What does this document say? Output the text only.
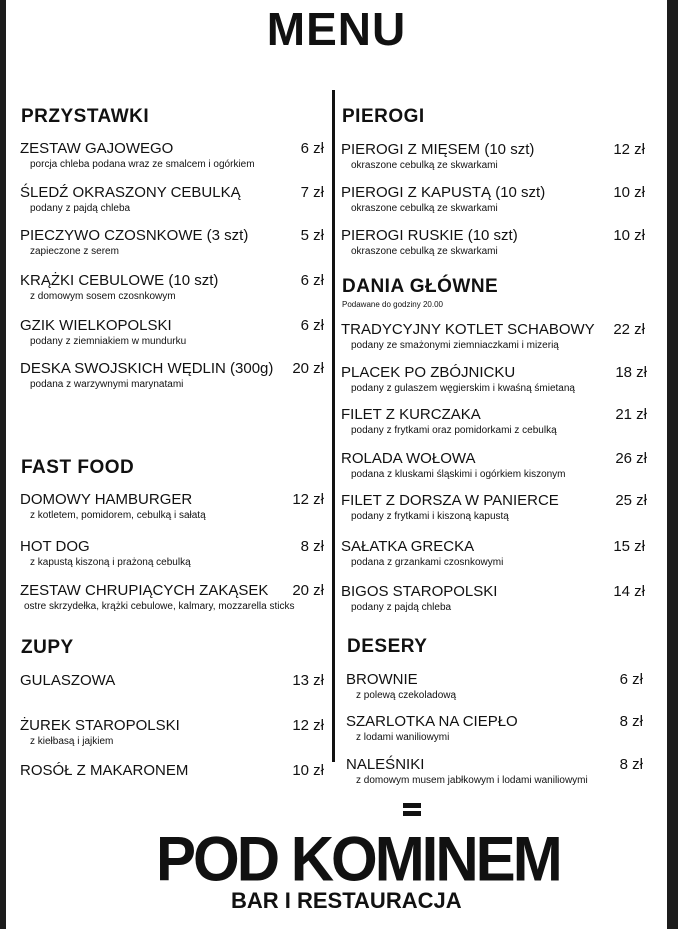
MENU
PRZYSTAWKI
ZESTAW GAJOWEGO	6 zł
porcja chleba podana wraz ze smalcem i ogórkiem
ŚLEDŹ OKRASZONY CEBULKĄ	7 zł
podany z pajdą chleba
PIECZYWO CZOSNKOWE (3 szt)	5 zł
zapieczone z serem
KRĄŻKI CEBULOWE (10 szt)	6 zł
z domowym sosem czosnkowym
GZIK WIELKOPOLSKI	6 zł
podany z ziemniakiem w mundurku
DESKA SWOJSKICH WĘDLIN (300g) 20 zł
podana z warzywnymi marynatami
FAST FOOD
DOMOWY HAMBURGER	12 zł
z kotletem, pomidorem, cebulką i sałatą
HOT DOG	8 zł
z kapustą kiszoną i prażoną cebulką
ZESTAW CHRUPIĄCYCH ZAKĄSEK 20 zł
ostre skrzydełka, krążki cebulowe, kalmary, mozzarella sticks
ZUPY
GULASZOWA	13 zł
ŻUREK STAROPOLSKI	12 zł
z kiełbasą i jajkiem
ROSÓŁ Z MAKARONEM	10 zł
PIEROGI
PIEROGI Z MIĘSEM (10 szt)	12 zł
okraszone cebulką ze skwarkami
PIEROGI Z KAPUSTĄ (10 szt)	10 zł
okraszone cebulką ze skwarkami
PIEROGI RUSKIE (10 szt)	10 zł
okraszone cebulką ze skwarkami
DANIA GŁÓWNE
Podawane do godziny 20.00
TRADYCYJNY KOTLET SCHABOWY 22 zł
podany ze smażonymi ziemniaczkami i mizerią
PLACEK PO ZBÓJNICKU	18 zł
podany z gulaszem węgierskim i kwaśną śmietaną
FILET Z KURCZAKA	21 zł
podany z frytkami oraz pomidorkami z cebulką
ROLADA WOŁOWA	26 zł
podana z kluskami śląskimi i ogórkiem kiszonym
FILET Z DORSZA W PANIERCE	25 zł
podany z frytkami i kiszoną kapustą
SAŁATKA GRECKA	15 zł
podana z grzankami czosnkowymi
BIGOS STAROPOLSKI	14 zł
podany z pajdą chleba
DESERY
BROWNIE	6 zł
z polewą czekoladową
SZARLOTKA NA CIEPŁO	8 zł
z lodami waniliowymi
NALEŚNIKI	8 zł
z domowym musem jabłkowym i lodami waniliowymi
POD KOMINEM
BAR I RESTAURACJA
